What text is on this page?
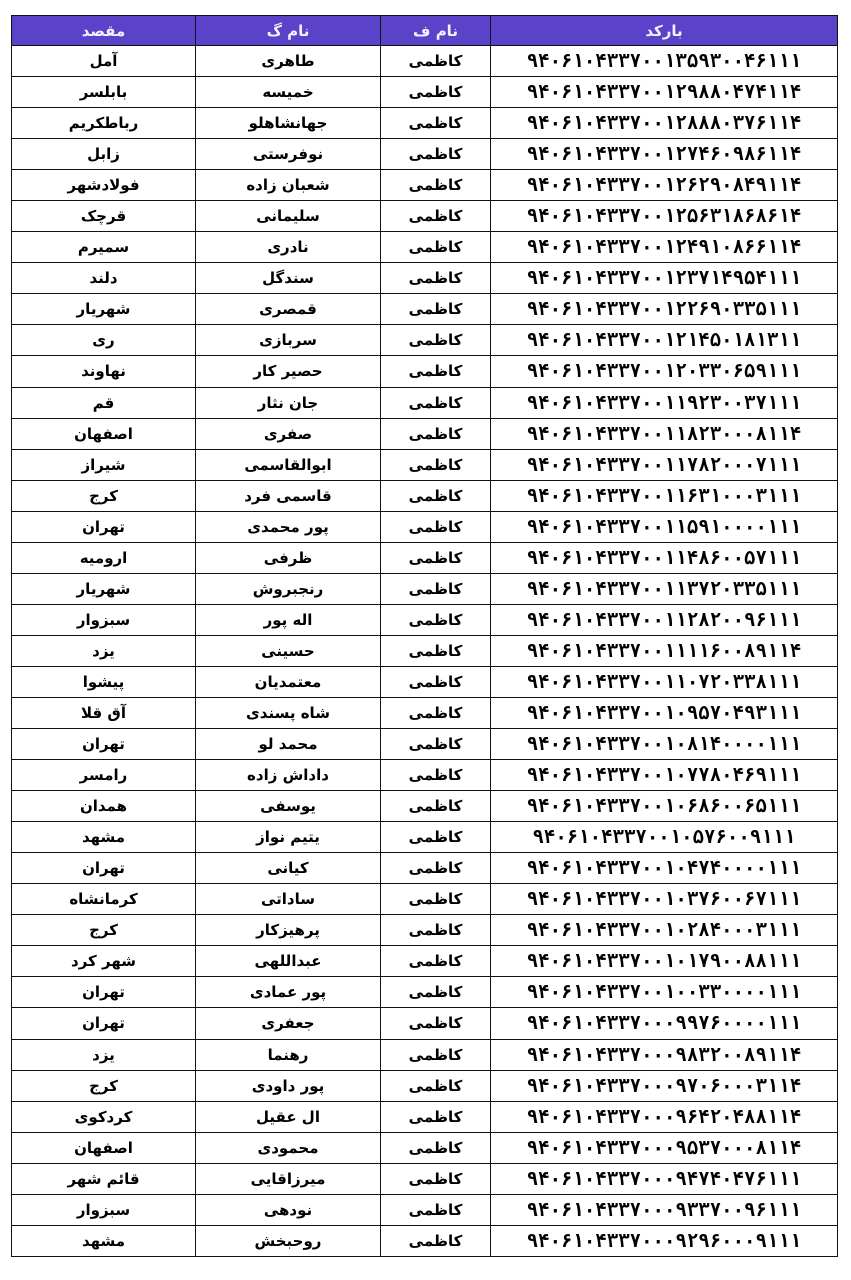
مقصد	نام گ	نام ف	بارکد
آمل	طاهری	کاظمی	۹۴۰۶۱۰۴۳۳۷۰۰۱۳۵۹۳۰۰۴۶۱۱۱
بابلسر	خمیسه	کاظمی	۹۴۰۶۱۰۴۳۳۷۰۰۱۲۹۸۸۰۴۷۴۱۱۴
رباطکریم	جهانشاهلو	کاظمی	۹۴۰۶۱۰۴۳۳۷۰۰۱۲۸۸۸۰۳۷۶۱۱۴
زابل	نوفرستی	کاظمی	۹۴۰۶۱۰۴۳۳۷۰۰۱۲۷۴۶۰۹۸۶۱۱۴
فولادشهر	شعبان زاده	کاظمی	۹۴۰۶۱۰۴۳۳۷۰۰۱۲۶۲۹۰۸۴۹۱۱۴
قرچک	سلیمانی	کاظمی	۹۴۰۶۱۰۴۳۳۷۰۰۱۲۵۶۳۱۸۶۸۶۱۴
سمیرم	نادری	کاظمی	۹۴۰۶۱۰۴۳۳۷۰۰۱۲۴۹۱۰۸۶۶۱۱۴
دلند	سندگل	کاظمی	۹۴۰۶۱۰۴۳۳۷۰۰۱۲۳۷۱۴۹۵۴۱۱۱
شهریار	قمصری	کاظمی	۹۴۰۶۱۰۴۳۳۷۰۰۱۲۲۶۹۰۳۳۵۱۱۱
ری	سربازی	کاظمی	۹۴۰۶۱۰۴۳۳۷۰۰۱۲۱۴۵۰۱۸۱۳۱۱
نهاوند	حصیر کار	کاظمی	۹۴۰۶۱۰۴۳۳۷۰۰۱۲۰۳۳۰۶۵۹۱۱۱
قم	جان نثار	کاظمی	۹۴۰۶۱۰۴۳۳۷۰۰۱۱۹۲۳۰۰۳۷۱۱۱
اصفهان	صفری	کاظمی	۹۴۰۶۱۰۴۳۳۷۰۰۱۱۸۲۳۰۰۰۸۱۱۴
شیراز	ابوالقاسمی	کاظمی	۹۴۰۶۱۰۴۳۳۷۰۰۱۱۷۸۲۰۰۰۷۱۱۱
کرج	قاسمی فرد	کاظمی	۹۴۰۶۱۰۴۳۳۷۰۰۱۱۶۳۱۰۰۰۳۱۱۱
تهران	پور محمدی	کاظمی	۹۴۰۶۱۰۴۳۳۷۰۰۱۱۵۹۱۰۰۰۰۱۱۱
ارومیه	ظرفی	کاظمی	۹۴۰۶۱۰۴۳۳۷۰۰۱۱۴۸۶۰۰۵۷۱۱۱
شهریار	رنجبروش	کاظمی	۹۴۰۶۱۰۴۳۳۷۰۰۱۱۳۷۲۰۳۳۵۱۱۱
سبزوار	اله پور	کاظمی	۹۴۰۶۱۰۴۳۳۷۰۰۱۱۲۸۲۰۰۹۶۱۱۱
یزد	حسینی	کاظمی	۹۴۰۶۱۰۴۳۳۷۰۰۱۱۱۱۶۰۰۸۹۱۱۴
پیشوا	معتمدیان	کاظمی	۹۴۰۶۱۰۴۳۳۷۰۰۱۱۰۷۲۰۳۳۸۱۱۱
آق قلا	شاه پسندی	کاظمی	۹۴۰۶۱۰۴۳۳۷۰۰۱۰۹۵۷۰۴۹۳۱۱۱
تهران	محمد لو	کاظمی	۹۴۰۶۱۰۴۳۳۷۰۰۱۰۸۱۴۰۰۰۰۱۱۱
رامسر	داداش زاده	کاظمی	۹۴۰۶۱۰۴۳۳۷۰۰۱۰۷۷۸۰۴۶۹۱۱۱
همدان	یوسفی	کاظمی	۹۴۰۶۱۰۴۳۳۷۰۰۱۰۶۸۶۰۰۶۵۱۱۱
مشهد	یتیم نواز	کاظمی	۹۴۰۶۱۰۴۳۳۷۰۰۱۰۵۷۶۰۰۹۱۱۱
تهران	کیانی	کاظمی	۹۴۰۶۱۰۴۳۳۷۰۰۱۰۴۷۴۰۰۰۰۱۱۱
کرمانشاه	ساداتی	کاظمی	۹۴۰۶۱۰۴۳۳۷۰۰۱۰۳۷۶۰۰۶۷۱۱۱
کرج	پرهیزکار	کاظمی	۹۴۰۶۱۰۴۳۳۷۰۰۱۰۲۸۴۰۰۰۳۱۱۱
شهر کرد	عبداللهی	کاظمی	۹۴۰۶۱۰۴۳۳۷۰۰۱۰۱۷۹۰۰۸۸۱۱۱
تهران	پور عمادی	کاظمی	۹۴۰۶۱۰۴۳۳۷۰۰۱۰۰۳۳۰۰۰۰۱۱۱
تهران	جعفری	کاظمی	۹۴۰۶۱۰۴۳۳۷۰۰۰۹۹۷۶۰۰۰۰۱۱۱
یزد	رهنما	کاظمی	۹۴۰۶۱۰۴۳۳۷۰۰۰۹۸۳۲۰۰۸۹۱۱۴
کرج	پور داودی	کاظمی	۹۴۰۶۱۰۴۳۳۷۰۰۰۹۷۰۶۰۰۰۳۱۱۴
کردکوی	ال عقیل	کاظمی	۹۴۰۶۱۰۴۳۳۷۰۰۰۹۶۴۲۰۴۸۸۱۱۴
اصفهان	محمودی	کاظمی	۹۴۰۶۱۰۴۳۳۷۰۰۰۹۵۳۷۰۰۰۸۱۱۴
قائم شهر	میرزاقایی	کاظمی	۹۴۰۶۱۰۴۳۳۷۰۰۰۹۴۷۴۰۴۷۶۱۱۱
سبزوار	نودهی	کاظمی	۹۴۰۶۱۰۴۳۳۷۰۰۰۹۳۳۷۰۰۹۶۱۱۱
مشهد	روحبخش	کاظمی	۹۴۰۶۱۰۴۳۳۷۰۰۰۹۲۹۶۰۰۰۹۱۱۱
